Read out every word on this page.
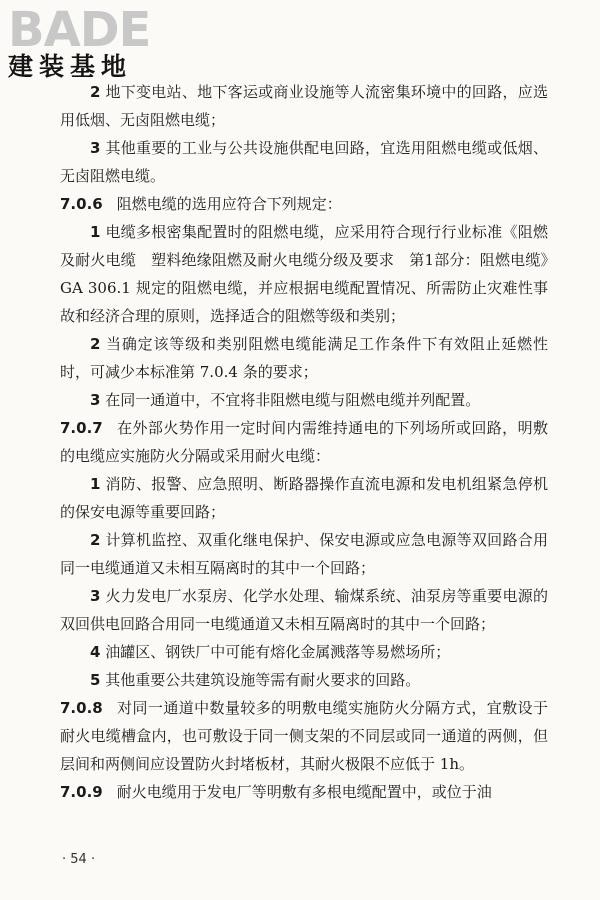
BADE
建装基地

2 地下变电站、地下客运或商业设施等人流密集环境中的回路，应选用低烟、无卤阻燃电缆；

3 其他重要的工业与公共设施供配电回路，宜选用阻燃电缆或低烟、无卤阻燃电缆。

7.0.6 阻燃电缆的选用应符合下列规定：

1 电缆多根密集配置时的阻燃电缆，应采用符合现行行业标准《阻燃及耐火电缆　塑料绝缘阻燃及耐火电缆分级及要求　第1部分：阻燃电缆》GA 306.1 规定的阻燃电缆，并应根据电缆配置情况、所需防止灾难性事故和经济合理的原则，选择适合的阻燃等级和类别；

2 当确定该等级和类别阻燃电缆能满足工作条件下有效阻止延燃性时，可减少本标准第 7.0.4 条的要求；

3 在同一通道中，不宜将非阻燃电缆与阻燃电缆并列配置。

7.0.7 在外部火势作用一定时间内需维持通电的下列场所或回路，明敷的电缆应实施防火分隔或采用耐火电缆：

1 消防、报警、应急照明、断路器操作直流电源和发电机组紧急停机的保安电源等重要回路；

2 计算机监控、双重化继电保护、保安电源或应急电源等双回路合用同一电缆通道又未相互隔离时的其中一个回路；

3 火力发电厂水泵房、化学水处理、输煤系统、油泵房等重要电源的双回供电回路合用同一电缆通道又未相互隔离时的其中一个回路；

4 油罐区、钢铁厂中可能有熔化金属溅落等易燃场所；

5 其他重要公共建筑设施等需有耐火要求的回路。

7.0.8 对同一通道中数量较多的明敷电缆实施防火分隔方式，宜敷设于耐火电缆槽盒内，也可敷设于同一侧支架的不同层或同一通道的两侧，但层间和两侧间应设置防火封堵板材，其耐火极限不应低于 1h。

7.0.9 耐火电缆用于发电厂等明敷有多根电缆配置中，或位于油

· 54 ·
